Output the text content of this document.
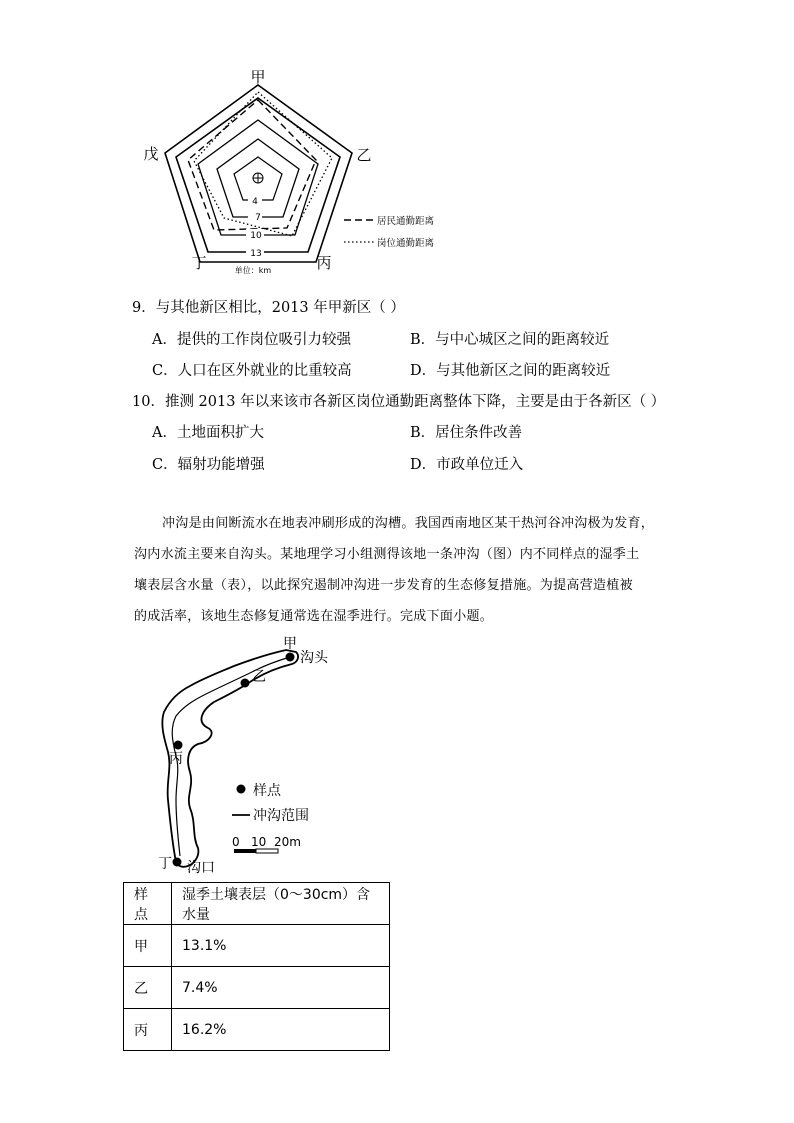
4
7
10
13
单位：km
甲
乙
丙
丁
戊
居民通勤距离
岗位通勤距离
9．与其他新区相比，2013 年甲新区（ ）
A．提供的工作岗位吸引力较强	B．与中心城区之间的距离较近
C．人口在区外就业的比重较高	D．与其他新区之间的距离较近
10．推测 2013 年以来该市各新区岗位通勤距离整体下降，主要是由于各新区（ ）
A．土地面积扩大	B．居住条件改善
C．辐射功能增强	D．市政单位迁入
冲沟是由间断流水在地表冲刷形成的沟槽。我国西南地区某干热河谷冲沟极为发育，
沟内水流主要来自沟头。某地理学习小组测得该地一条冲沟（图）内不同样点的湿季土
壤表层含水量（表），以此探究遏制冲沟进一步发育的生态修复措施。为提高营造植被
的成活率，该地生态修复通常选在湿季进行。完成下面小题。
甲
沟头
乙
丙
丁 沟口
样点
冲沟范围
0 10 20m
样点	湿季土壤表层（0～30cm）含水量
甲	13.1%
乙	7.4%
丙	16.2%
